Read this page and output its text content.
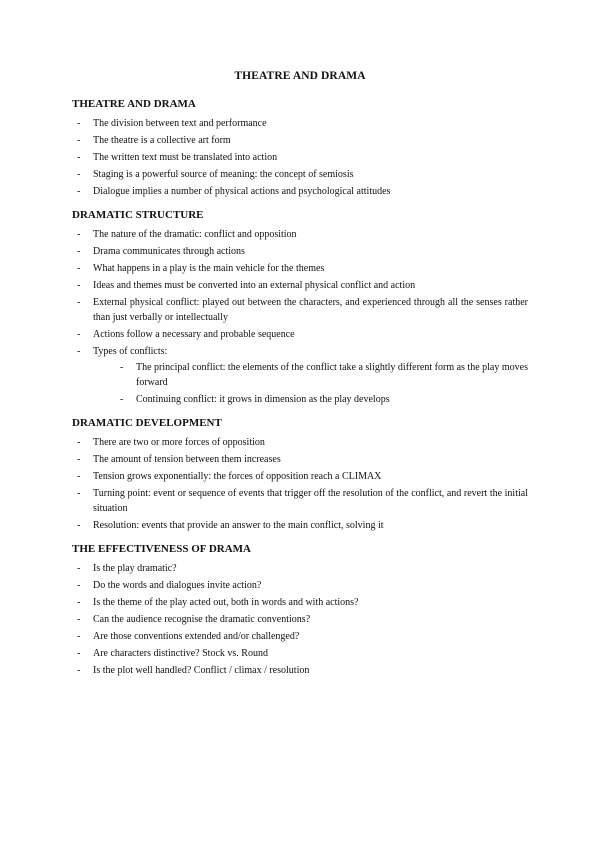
THEATRE AND DRAMA
THEATRE AND DRAMA
- The division between text and performance
- The theatre is a collective art form
- The written text must be translated into action
- Staging is a powerful source of meaning: the concept of semiosis
- Dialogue implies a number of physical actions and psychological attitudes
DRAMATIC STRUCTURE
- The nature of the dramatic: conflict and opposition
- Drama communicates through actions
- What happens in a play is the main vehicle for the themes
- Ideas and themes must be converted into an external physical conflict and action
- External physical conflict: played out between the characters, and experienced through all the senses rather than just verbally or intellectually
- Actions follow a necessary and probable sequence
- Types of conflicts:
- The principal conflict: the elements of the conflict take a slightly different form as the play moves forward
- Continuing conflict: it grows in dimension as the play develops
DRAMATIC DEVELOPMENT
- There are two or more forces of opposition
- The amount of tension between them increases
- Tension grows exponentially: the forces of opposition reach a CLIMAX
- Turning point: event or sequence of events that trigger off the resolution of the conflict, and revert the initial situation
- Resolution: events that provide an answer to the main conflict, solving it
THE EFFECTIVENESS OF DRAMA
- Is the play dramatic?
- Do the words and dialogues invite action?
- Is the theme of the play acted out, both in words and with actions?
- Can the audience recognise the dramatic conventions?
- Are those conventions extended and/or challenged?
- Are characters distinctive? Stock vs. Round
- Is the plot well handled? Conflict / climax / resolution
